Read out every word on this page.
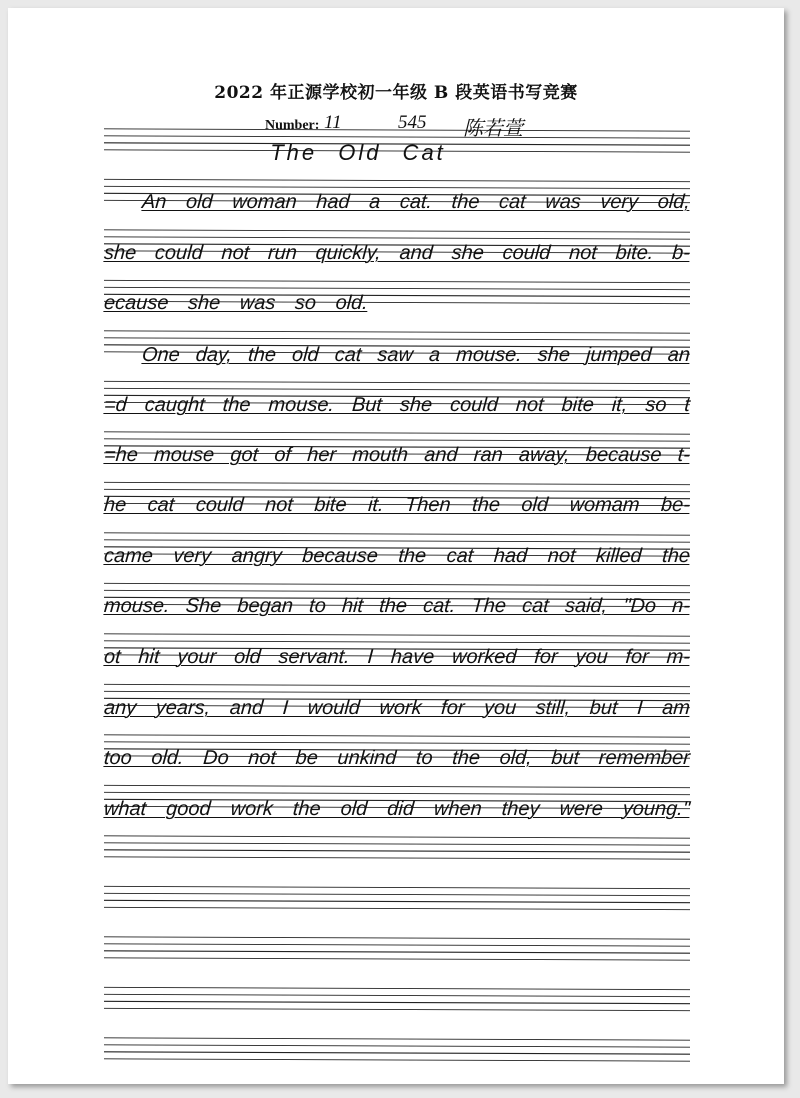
2022 年正源学校初一年级 B 段英语书写竞赛
Number: 11	545 陈若萱
The Old Cat
An old woman had a cat. the cat was very old,
she could not run quickly, and she could not bite. b-
ecause she was so old.
One day, the old cat saw a mouse. she jumped an
=d caught the mouse. But she could not bite it, so t
=he mouse got of her mouth and ran away, because t-
he cat could not bite it. Then the old womam be-
came very angry because the cat had not killed the
mouse. She began to hit the cat. The cat said, "Do n-
ot hit your old servant. I have worked for you for m-
any years, and I would work for you still, but I am
too old. Do not be unkind to the old, but remember
what good work the old did when they were young."
